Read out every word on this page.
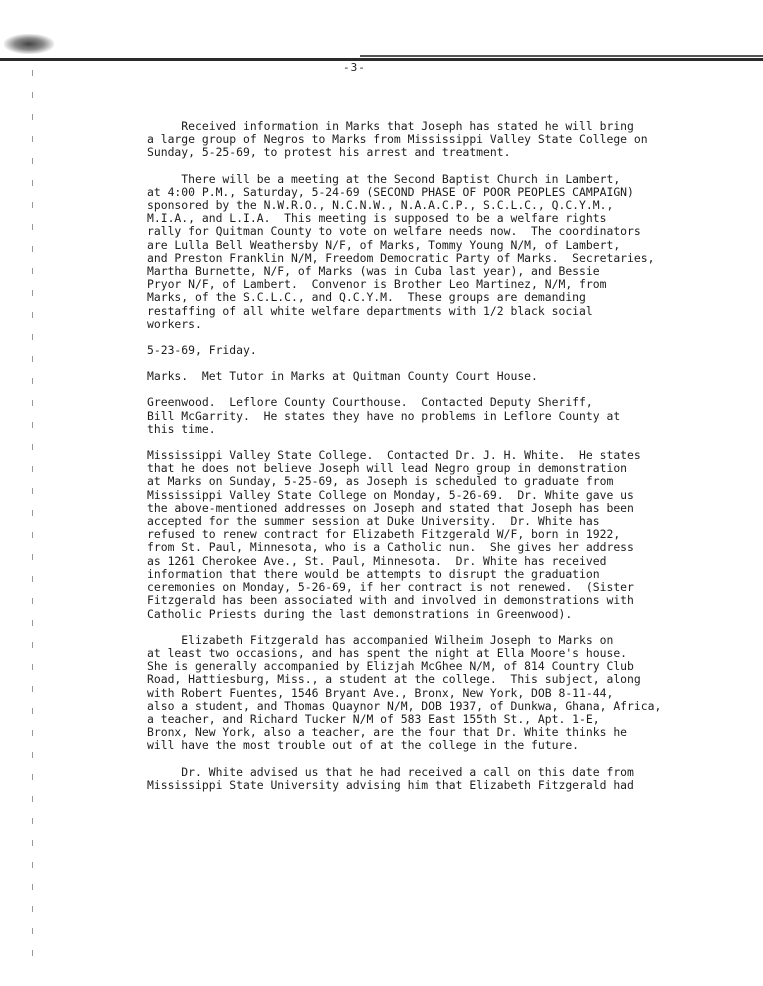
-3-
Received information in Marks that Joseph has stated he will bring
a large group of Negros to Marks from Mississippi Valley State College on
Sunday, 5-25-69, to protest his arrest and treatment.
There will be a meeting at the Second Baptist Church in Lambert,
at 4:00 P.M., Saturday, 5-24-69 (SECOND PHASE OF POOR PEOPLES CAMPAIGN)
sponsored by the N.W.R.O., N.C.N.W., N.A.A.C.P., S.C.L.C., Q.C.Y.M.,
M.I.A., and L.I.A.  This meeting is supposed to be a welfare rights
rally for Quitman County to vote on welfare needs now.  The coordinators
are Lulla Bell Weathersby N/F, of Marks, Tommy Young N/M, of Lambert,
and Preston Franklin N/M, Freedom Democratic Party of Marks.  Secretaries,
Martha Burnette, N/F, of Marks (was in Cuba last year), and Bessie
Pryor N/F, of Lambert.  Convenor is Brother Leo Martinez, N/M, from
Marks, of the S.C.L.C., and Q.C.Y.M.  These groups are demanding
restaffing of all white welfare departments with 1/2 black social
workers.
5-23-69, Friday.
Marks.  Met Tutor in Marks at Quitman County Court House.
Greenwood.  Leflore County Courthouse.  Contacted Deputy Sheriff,
Bill McGarrity.  He states they have no problems in Leflore County at
this time.
Mississippi Valley State College.  Contacted Dr. J. H. White.  He states
that he does not believe Joseph will lead Negro group in demonstration
at Marks on Sunday, 5-25-69, as Joseph is scheduled to graduate from
Mississippi Valley State College on Monday, 5-26-69.  Dr. White gave us
the above-mentioned addresses on Joseph and stated that Joseph has been
accepted for the summer session at Duke University.  Dr. White has
refused to renew contract for Elizabeth Fitzgerald W/F, born in 1922,
from St. Paul, Minnesota, who is a Catholic nun.  She gives her address
as 1261 Cherokee Ave., St. Paul, Minnesota.  Dr. White has received
information that there would be attempts to disrupt the graduation
ceremonies on Monday, 5-26-69, if her contract is not renewed.  (Sister
Fitzgerald has been associated with and involved in demonstrations with
Catholic Priests during the last demonstrations in Greenwood).
Elizabeth Fitzgerald has accompanied Wilheim Joseph to Marks on
at least two occasions, and has spent the night at Ella Moore's house.
She is generally accompanied by Elizjah McGhee N/M, of 814 Country Club
Road, Hattiesburg, Miss., a student at the college.  This subject, along
with Robert Fuentes, 1546 Bryant Ave., Bronx, New York, DOB 8-11-44,
also a student, and Thomas Quaynor N/M, DOB 1937, of Dunkwa, Ghana, Africa,
a teacher, and Richard Tucker N/M of 583 East 155th St., Apt. 1-E,
Bronx, New York, also a teacher, are the four that Dr. White thinks he
will have the most trouble out of at the college in the future.
Dr. White advised us that he had received a call on this date from
Mississippi State University advising him that Elizabeth Fitzgerald had
